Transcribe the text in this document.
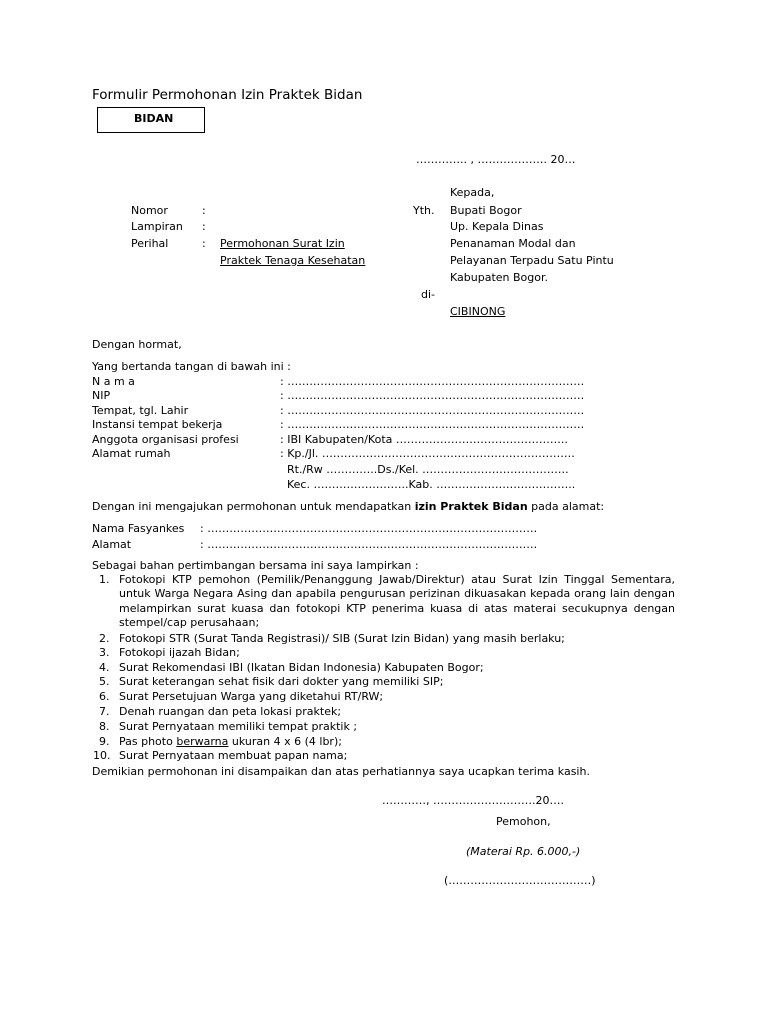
Formulir Permohonan Izin Praktek Bidan
BIDAN
………….. , ………………. 20…
Kepada,
Yth. Bupati Bogor
Up. Kepala Dinas
Penanaman Modal dan
Pelayanan Terpadu Satu Pintu
Kabupaten Bogor.
di-
CIBINONG
Nomor	:
Lampiran :
Perihal	: Permohonan Surat Izin
Praktek Tenaga Kesehatan
Dengan hormat,
Yang bertanda tangan di bawah ini :
N a m a	: ………………………………………………………………………
NIP	: ………………………………………………………………………
Tempat, tgl. Lahir	: ………………………………………………………………………
Instansi tempat bekerja	: ………………………………………………………………………
Anggota organisasi profesi	: IBI Kabupaten/Kota ………………………………………..
Alamat rumah	: Kp./Jl. ……………………………………………………………
Rt./Rw …………..Ds./Kel. ………………………………….
Kec. ……………………..Kab. ………………………………..
Dengan ini mengajukan permohonan untuk mendapatkan izin Praktek Bidan pada alamat:
Nama Fasyankes : ………………………………………………………………………………
Alamat	: ………………………………………………………………………………
Sebagai bahan pertimbangan bersama ini saya lampirkan :
1. Fotokopi KTP pemohon (Pemilik/Penanggung Jawab/Direktur) atau Surat Izin Tinggal Sementara, untuk Warga Negara Asing dan apabila pengurusan perizinan dikuasakan kepada orang lain dengan melampirkan surat kuasa dan fotokopi KTP penerima kuasa di atas materai secukupnya dengan stempel/cap perusahaan;
2. Fotokopi STR (Surat Tanda Registrasi)/ SIB (Surat Izin Bidan) yang masih berlaku;
3. Fotokopi ijazah Bidan;
4. Surat Rekomendasi IBI (Ikatan Bidan Indonesia) Kabupaten Bogor;
5. Surat keterangan sehat fisik dari dokter yang memiliki SIP;
6. Surat Persetujuan Warga yang diketahui RT/RW;
7. Denah ruangan dan peta lokasi praktek;
8. Surat Pernyataan memiliki tempat praktik ;
9. Pas photo berwarna ukuran 4 x 6 (4 lbr);
10. Surat Pernyataan membuat papan nama;
Demikian permohonan ini disampaikan dan atas perhatiannya saya ucapkan terima kasih.
…………, ……………………….20….
Pemohon,
(Materai Rp. 6.000,-)
(…………………………………)
